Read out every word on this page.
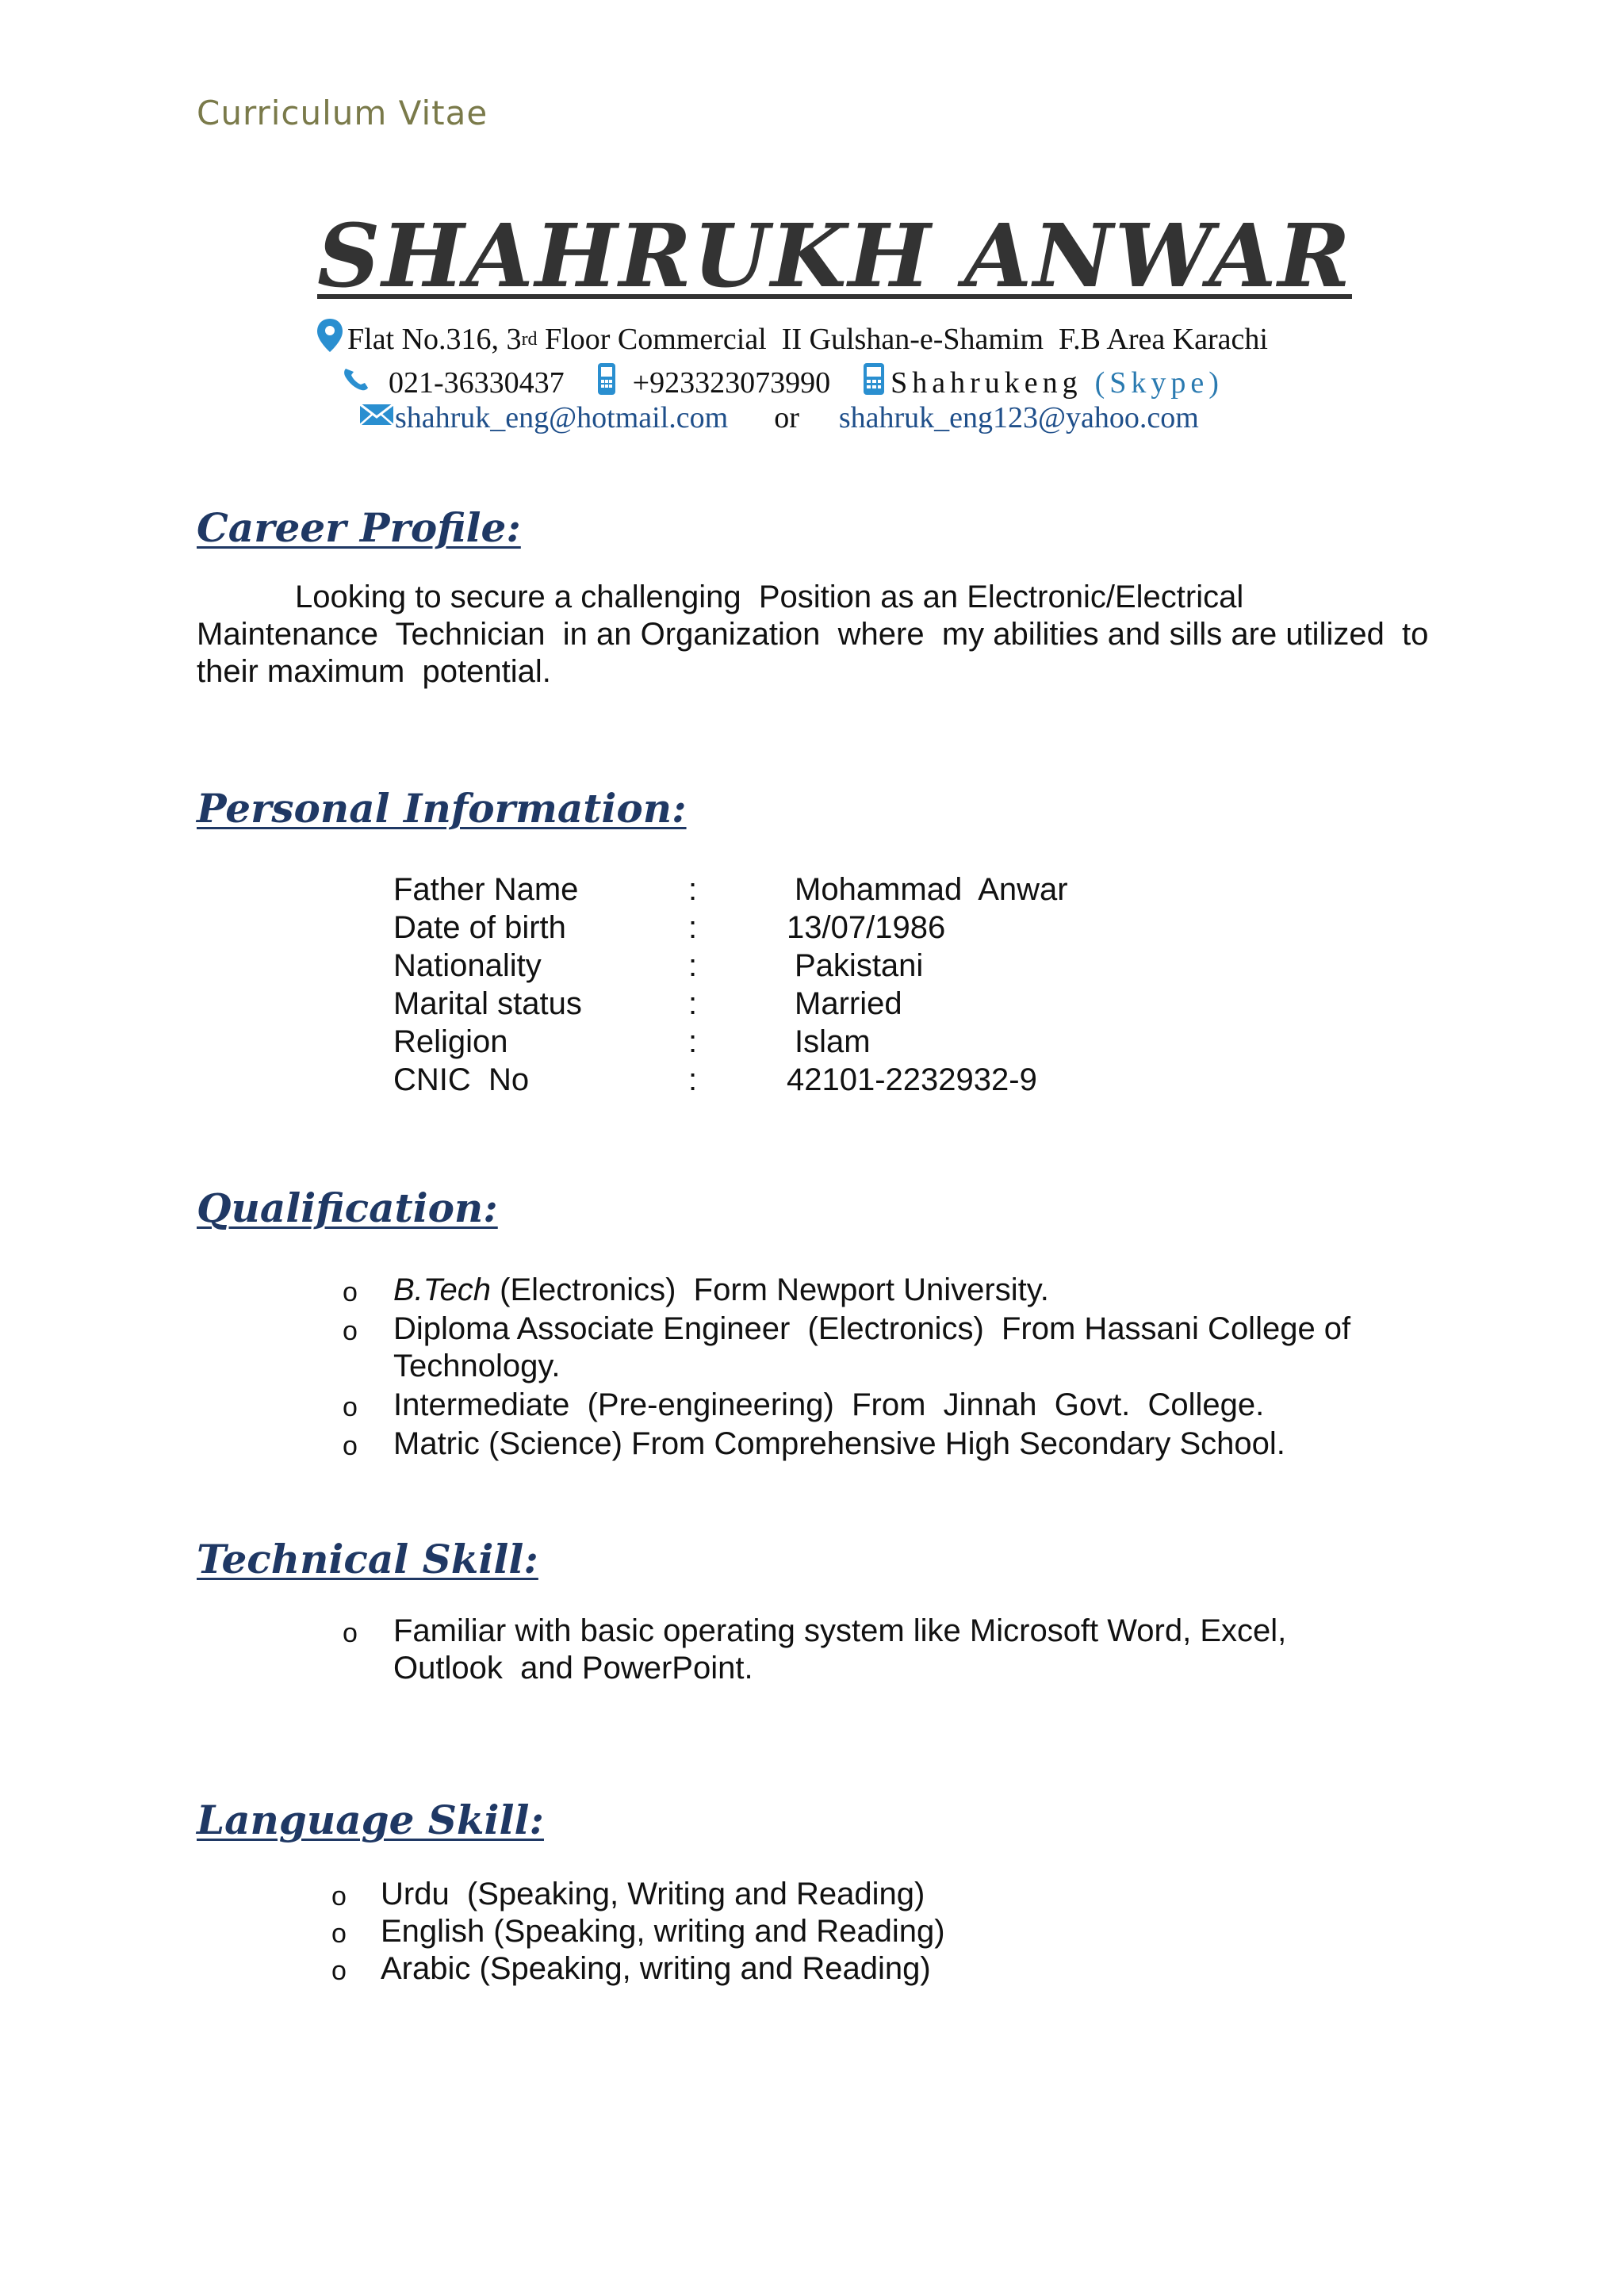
Curriculum Vitae
SHAHRUKH ANWAR
Flat No.316, 3 rd Floor Commercial  II Gulshan-e-Shamim  F.B Area Karachi
021-36330437 +923323073990 Shahrukeng (Skype)
shahruk_eng@hotmail.com or shahruk_eng123@yahoo.com
Career Profile:
Looking to secure a challenging  Position as an Electronic/Electrical
Maintenance  Technician  in an Organization  where  my abilities and sills are utilized  to
their maximum  potential.
Personal Information:
Father Name	:	Mohammad  Anwar
Date of birth	:	13/07/1986
Nationality	:	Pakistani
Marital status	:	Married
Religion	:	Islam
CNIC  No	:	42101-2232932-9
Qualification:
o B.Tech (Electronics)  Form Newport University.
o Diploma Associate Engineer  (Electronics)  From Hassani College of
Technology.
o Intermediate  (Pre-engineering)  From  Jinnah  Govt.  College.
o Matric (Science) From Comprehensive High Secondary School.
Technical Skill:
o Familiar with basic operating system like Microsoft Word, Excel,
Outlook  and PowerPoint.
Language Skill:
o Urdu  (Speaking, Writing and Reading)
o English (Speaking, writing and Reading)
o Arabic (Speaking, writing and Reading)
